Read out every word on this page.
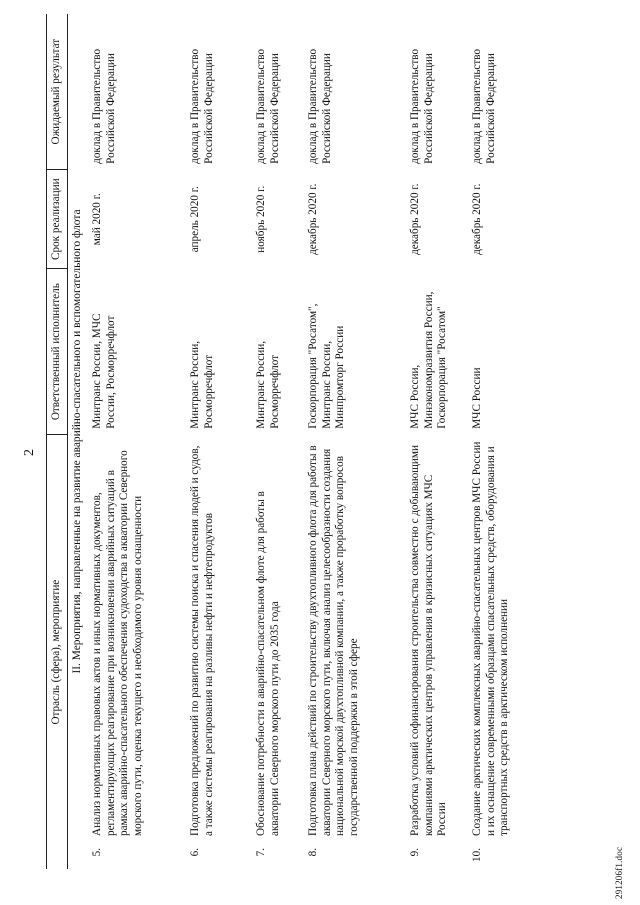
2
Отрасль (сфера), мероприятие		Ответственный исполнитель	Срок реализации	Ожидаемый результат
II. Мероприятия, направленные на развитие аварийно-спасательного и вспомогательного флота				
5.	Анализ нормативных правовых актов и иных нормативных документов, регламентирующих реагирование при возникновении аварийных ситуаций в рамках аварийно-спасательного обеспечения судоходства в акватории Северного морского пути, оценка текущего и необходимого уровня оснащенности	Минтранс России, МЧС России, Росморречфлот	май 2020 г.	доклад в Правительство Российской Федерации
6.	Подготовка предложений по развитию системы поиска и спасения людей и судов, а также системы реагирования на разливы нефти и нефтепродуктов	Минтранс России, Росморречфлот	апрель 2020 г.	доклад в Правительство Российской Федерации
7.	Обоснование потребности в аварийно-спасательном флоте для работы в акватории Северного морского пути до 2035 года	Минтранс России, Росморречфлот	ноябрь 2020 г.	доклад в Правительство Российской Федерации
8.	Подготовка плана действий по строительству двухтопливного флота для работы в акватории Северного морского пути, включая анализ целесообразности создания национальной морской двухтопливной компании, а также проработку вопросов государственной поддержки в этой сфере	Госкорпорация "Росатом", Минтранс России, Минпромторг России	декабрь 2020 г.	доклад в Правительство Российской Федерации
9.	Разработка условий софинансирования строительства совместно с добывающими компаниями арктических центров управления в кризисных ситуациях МЧС России	МЧС России, Минэкономразвития России, Госкорпорация "Росатом"	декабрь 2020 г.	доклад в Правительство Российской Федерации
10.	Создание арктических комплексных аварийно-спасательных центров МЧС России и их оснащение современными образцами спасательных средств, оборудования и транспортных средств в арктическом исполнении	МЧС России	декабрь 2020 г.	доклад в Правительство Российской Федерации
291206f1.doc
